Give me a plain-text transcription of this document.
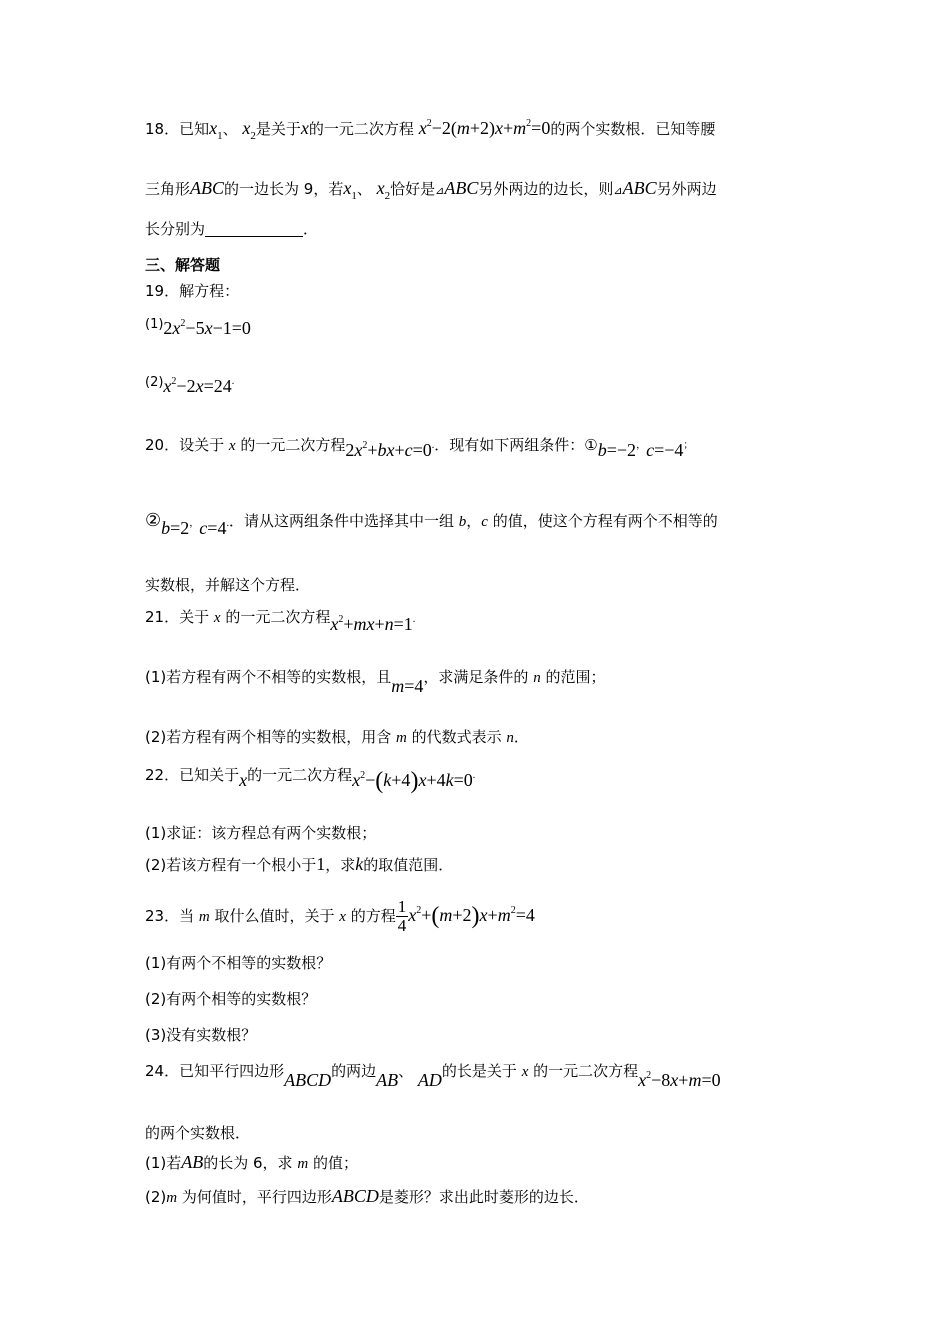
18．已知$x_1$、 $x_2$是关于x的一元二次方程 $x^2-2(m+2)x+m^2=0$的两个实数根．已知等腰
三角形ABC的一边长为 9，若$x_1$、 $x_2$恰好是⊿ABC另外两边的边长，则⊿ABC另外两边
长分别为	．
三、解答题
19．解方程：
$(1)2x^2-5x-1=0$
$(2)x^2-2x=24^.$
20．设关于 x 的一元二次方程$2x^2+bx+c=0^.$．现有如下两组条件：①b=−2，c=−4；
②b=2，c=4.．请从这两组条件中选择其中一组 b，c 的值，使这个方程有两个不相等的
实数根，并解这个方程．
21．关于 x 的一元二次方程$x^2+mx+n=1^.$
(1)若方程有两个不相等的实数根，且m=4，求满足条件的 n 的范围；
(2)若方程有两个相等的实数根，用含 m 的代数式表示 n．
22．已知关于x的一元二次方程$x^2-(k+4)x+4k=0^.$
(1)求证：该方程总有两个实数根；
(2)若该方程有一个根小于1，求k的取值范围．
23．当 m 取什么值时，关于 x 的方程 $\frac{1}{4} x^2+(m+2)x+m^2=4$
(1)有两个不相等的实数根？
(2)有两个相等的实数根？
(3)没有实数根？
24．已知平行四边形ABCD的两边AB、 AD的长是关于 x 的一元二次方程$x^2-8x+m=0$
的两个实数根．
(1)若AB的长为 6，求 m 的值；
(2)m 为何值时，平行四边形ABCD是菱形？求出此时菱形的边长．
